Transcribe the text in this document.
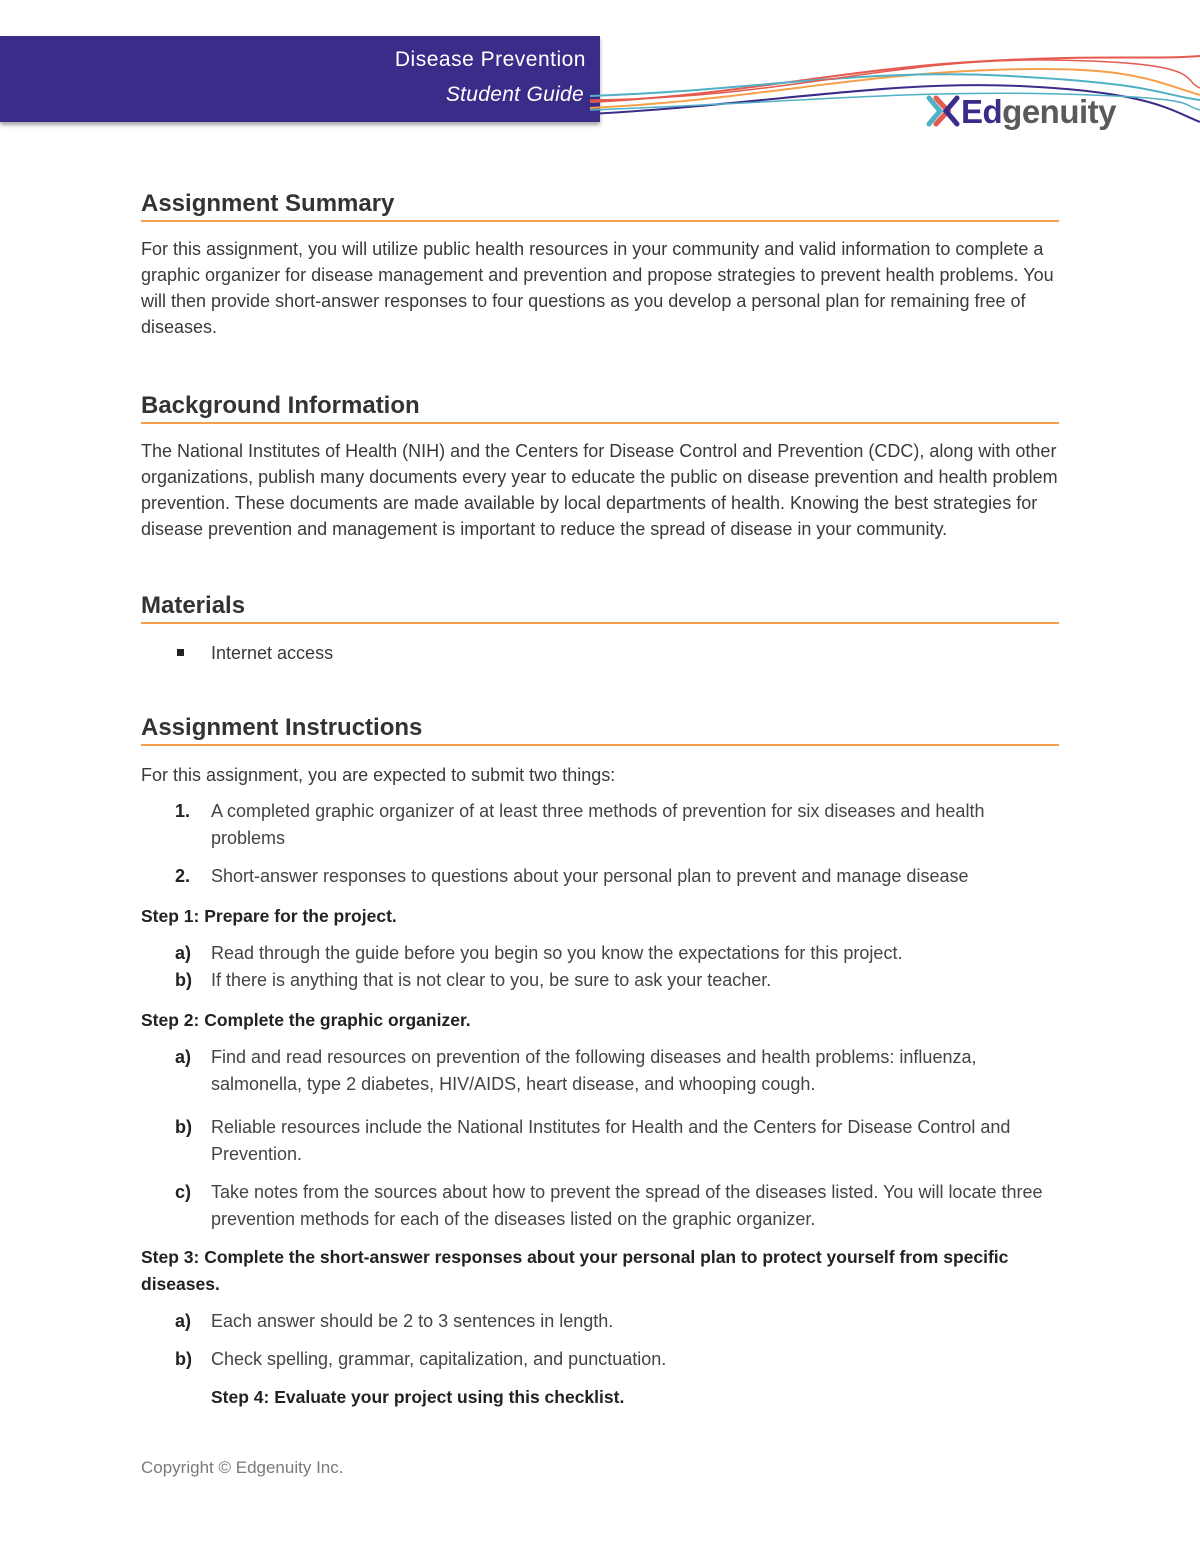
Disease Prevention
Student Guide	Edgenuity
Assignment Summary

For this assignment, you will utilize public health resources in your community and valid information to complete a graphic organizer for disease management and prevention and propose strategies to prevent health problems. You will then provide short-answer responses to four questions as you develop a personal plan for remaining free of diseases.

Background Information

The National Institutes of Health (NIH) and the Centers for Disease Control and Prevention (CDC), along with other organizations, publish many documents every year to educate the public on disease prevention and health problem prevention. These documents are made available by local departments of health. Knowing the best strategies for disease prevention and management is important to reduce the spread of disease in your community.

Materials
Internet access
Assignment Instructions

For this assignment, you are expected to submit two things:

1. A completed graphic organizer of at least three methods of prevention for six diseases and health problems
2. Short-answer responses to questions about your personal plan to prevent and manage disease
Step 1: Prepare for the project.
a) Read through the guide before you begin so you know the expectations for this project.
b) If there is anything that is not clear to you, be sure to ask your teacher.
Step 2: Complete the graphic organizer.
a) Find and read resources on prevention of the following diseases and health problems: influenza, salmonella, type 2 diabetes, HIV/AIDS, heart disease, and whooping cough.
b) Reliable resources include the National Institutes for Health and the Centers for Disease Control and Prevention.
c) Take notes from the sources about how to prevent the spread of the diseases listed. You will locate three prevention methods for each of the diseases listed on the graphic organizer.
Step 3: Complete the short-answer responses about your personal plan to protect yourself from specific diseases.
a) Each answer should be 2 to 3 sentences in length.
b) Check spelling, grammar, capitalization, and punctuation.
Step 4: Evaluate your project using this checklist.
Copyright © Edgenuity Inc.
